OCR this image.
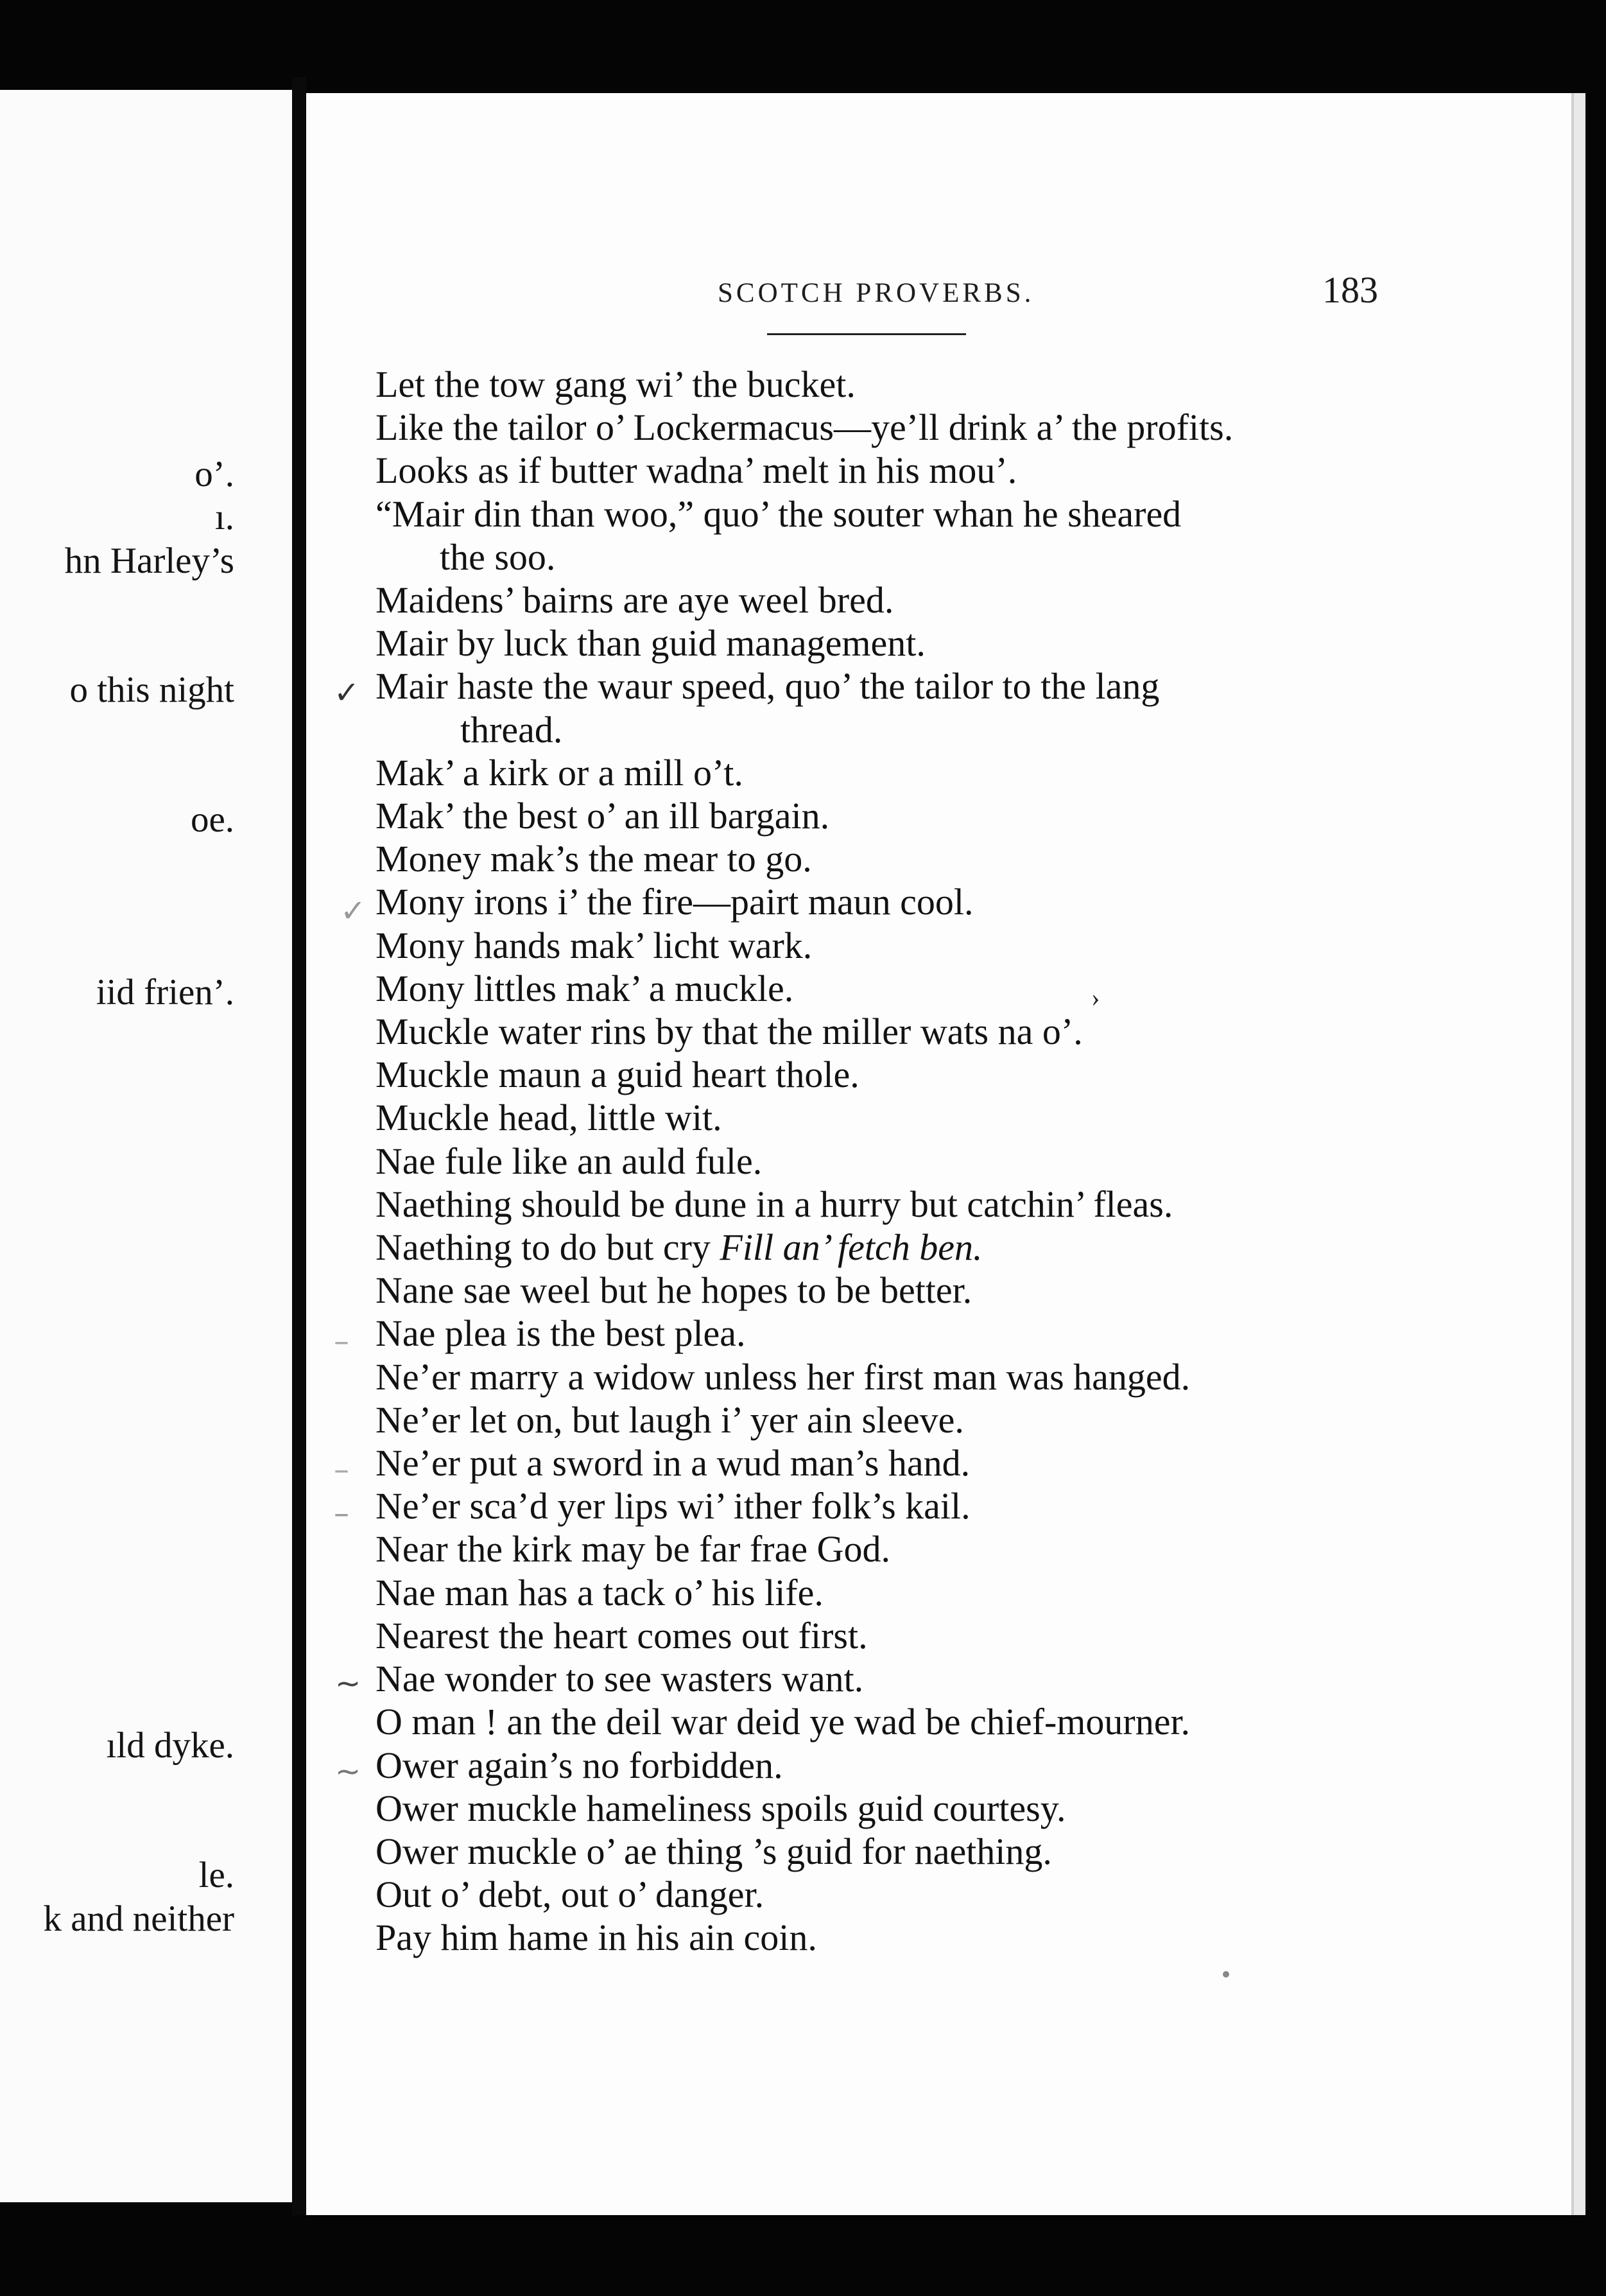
o’.
ı.
hn Harley’s
o this night
oe.
iid frien’.
ıld dyke.
le.
k and neither
SCOTCH PROVERBS.	183

Let the tow gang wi’ the bucket.

Like the tailor o’ Lockermacus—ye’ll drink a’ the profits.

Looks as if butter wadna’ melt in his mou’.

“Mair din than woo,” quo’ the souter whan he sheared

the soo.

Maidens’ bairns are aye weel bred.

Mair by luck than guid management.

Mair haste the waur speed, quo’ the tailor to the lang

thread.

Mak’ a kirk or a mill o’t.

Mak’ the best o’ an ill bargain.

Money mak’s the mear to go.

Mony irons i’ the fire—pairt maun cool.

Mony hands mak’ licht wark.

Mony littles mak’ a muckle.

Muckle water rins by that the miller wats na o’.

Muckle maun a guid heart thole.

Muckle head, little wit.

Nae fule like an auld fule.

Naething should be dune in a hurry but catchin’ fleas.

Naething to do but cry Fill an’ fetch ben.

Nane sae weel but he hopes to be better.

Nae plea is the best plea.

Ne’er marry a widow unless her first man was hanged.

Ne’er let on, but laugh i’ yer ain sleeve.

Ne’er put a sword in a wud man’s hand.

Ne’er sca’d yer lips wi’ ither folk’s kail.

Near the kirk may be far frae God.

Nae man has a tack o’ his life.

Nearest the heart comes out first.

Nae wonder to see wasters want.

O man ! an the deil war deid ye wad be chief-mourner.

Ower again’s no forbidden.

Ower muckle hameliness spoils guid courtesy.

Ower muckle o’ ae thing ’s guid for naething.

Out o’ debt, out o’ danger.

Pay him hame in his ain coin.

✓
✓
–
–
–
~
~
›
